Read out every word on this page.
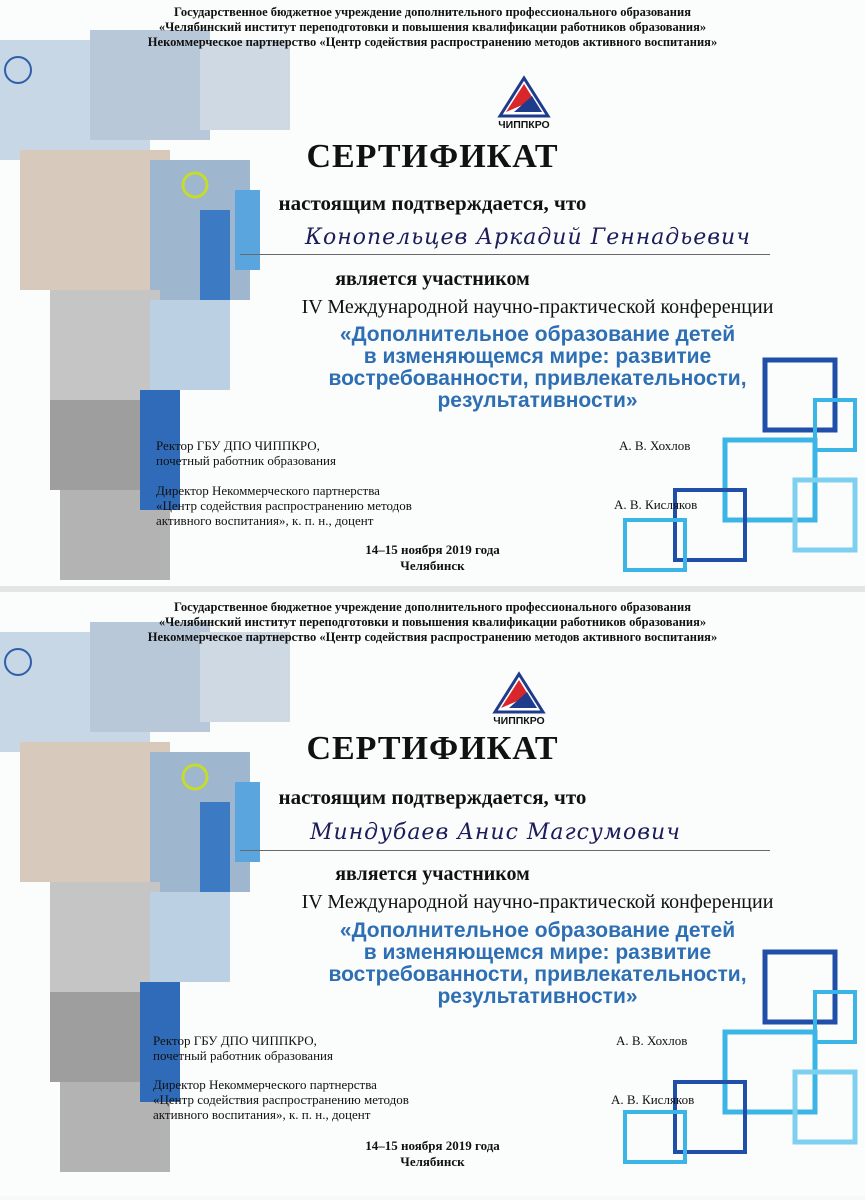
Государственное бюджетное учреждение дополнительного профессионального образования
«Челябинский институт переподготовки и повышения квалификации работников образования»
Некоммерческое партнерство «Центр содействия распространению методов активного воспитания»
ЧИППКРО
СЕРТИФИКАТ
настоящим подтверждается, что
Конопельцев Аркадий Геннадьевич
является участником
IV Международной научно-практической конференции
«Дополнительное образование детей
в изменяющемся мире: развитие
востребованности, привлекательности,
результативности»
Ректор ГБУ ДПО ЧИППКРО,
почетный работник образования
А. В. Хохлов
Директор Некоммерческого партнерства
«Центр содействия распространению методов
активного воспитания», к. п. н., доцент
А. В. Кисляков
14–15 ноября 2019 года
Челябинск
Государственное бюджетное учреждение дополнительного профессионального образования
«Челябинский институт переподготовки и повышения квалификации работников образования»
Некоммерческое партнерство «Центр содействия распространению методов активного воспитания»
ЧИППКРО
СЕРТИФИКАТ
настоящим подтверждается, что
Миндубаев Анис Магсумович
является участником
IV Международной научно-практической конференции
«Дополнительное образование детей
в изменяющемся мире: развитие
востребованности, привлекательности,
результативности»
Ректор ГБУ ДПО ЧИППКРО,
почетный работник образования
А. В. Хохлов
Директор Некоммерческого партнерства
«Центр содействия распространению методов
активного воспитания», к. п. н., доцент
А. В. Кисляков
14–15 ноября 2019 года
Челябинск
